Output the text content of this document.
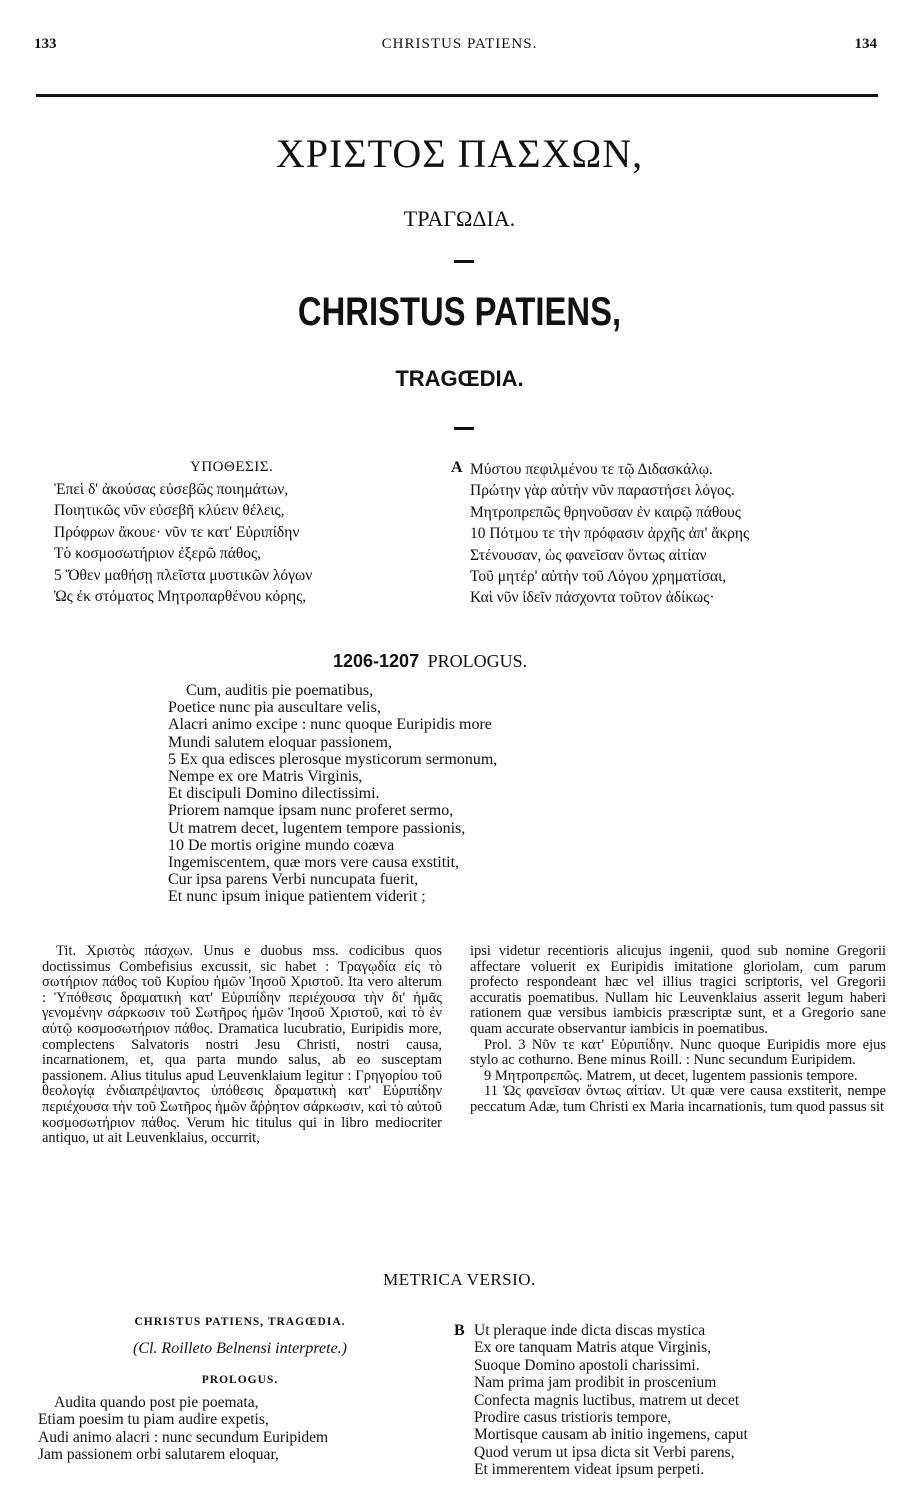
133	CHRISTUS PATIENS.	134
ΧΡΙΣΤΟΣ ΠΑΣΧΩΝ,
ΤΡΑΓΩΔΙΑ.
CHRISTUS PATIENS,
TRAGŒDIA.
ΥΠΟΘΕΣΙΣ.
Ἐπεὶ δ' ἀκούσας εὐσεβῶς ποιημάτων,
Ποιητικῶς νῦν εὐσεβῆ κλύειν θέλεις,
Πρόφρων ἄκουε· νῦν τε κατ' Εὐριπίδην
Τὸ κοσμοσωτήριον ἐξερῶ πάθος,
5 Ὅθεν μαθήσῃ πλεῖστα μυστικῶν λόγων
Ὡς ἐκ στόματος Μητροπαρθένου κόρης,
A Μύστου πεφιλμένου τε τῷ Διδασκάλῳ.
Πρώτην γὰρ αὐτὴν νῦν παραστήσει λόγος.
Μητροπρεπῶς θρηνοῦσαν ἐν καιρῷ πάθους
10 Πότμου τε τὴν πρόφασιν ἀρχῆς ἀπ' ἄκρης
Στένουσαν, ὡς φανεῖσαν ὄντως αἰτίαν
Τοῦ μητέρ' αὐτὴν τοῦ Λόγου χρηματίσαι,
Καὶ νῦν ἰδεῖν πάσχοντα τοῦτον ἀδίκως·
1206-1207 PROLOGUS.
Cum, auditis pie poematibus,
Poetice nunc pia auscultare velis,
Alacri animo excipe : nunc quoque Euripidis more
Mundi salutem eloquar passionem,
5 Ex qua edisces plerosque mysticorum sermonum,
Nempe ex ore Matris Virginis,
Et discipuli Domino dilectissimi.
Priorem namque ipsam nunc proferet sermo,
Ut matrem decet, lugentem tempore passionis,
10 De mortis origine mundo coæva
Ingemiscentem, quæ mors vere causa exstitit,
Cur ipsa parens Verbi nuncupata fuerit,
Et nunc ipsum inique patientem viderit ;

Tit. Χριστὸς πάσχων. Unus e duobus mss. codicibus quos doctissimus Combefisius excussit, sic habet : Τραγῳδία εἰς τὸ σωτήριον πάθος τοῦ Κυρίου ἡμῶν Ἰησοῦ Χριστοῦ. Ita vero alterum : Ὑπόθεσις δραματικὴ κατ' Εὐριπίδην περιέχουσα τὴν δι' ἡμᾶς γενομένην σάρκωσιν τοῦ Σωτῆρος ἡμῶν Ἰησοῦ Χριστοῦ, καὶ τὸ ἐν αὐτῷ κοσμοσωτήριον πάθος. Dramatica lucubratio, Euripidis more, complectens Salvatoris nostri Jesu Christi, nostri causa, incarnationem, et, qua parta mundo salus, ab eo susceptam passionem. Alius titulus apud Leuvenklaium legitur : Γρηγορίου τοῦ θεολογίᾳ ἐνδιαπρέψαντος ὑπόθεσις δραματικὴ κατ' Εὐριπίδην περιέχουσα τὴν τοῦ Σωτῆρος ἡμῶν ἄῤῥητον σάρκωσιν, καὶ τὸ αὐτοῦ κοσμοσωτήριον πάθος. Verum hic titulus qui in libro mediocriter antiquo, ut ait Leuvenklaius, occurrit,

ipsi videtur recentioris alicujus ingenii, quod sub nomine Gregorii affectare voluerit ex Euripidis imitatione gloriolam, cum parum profecto respondeant hæc vel illius tragici scriptoris, vel Gregorii accuratis poematibus. Nullam hic Leuvenklaius asserit legum haberi rationem quæ versibus iambicis præscriptæ sunt, et a Gregorio sane quam accurate observantur iambicis in poematibus.

Prol. 3 Νῦν τε κατ' Εὐριπίδην. Nunc quoque Euripidis more ejus stylo ac cothurno. Bene minus Roill. : Nunc secundum Euripidem.

9 Μητροπρεπῶς. Matrem, ut decet, lugentem passionis tempore.

11 Ὡς φανεῖσαν ὄντως αἰτίαν. Ut quæ vere causa exstiterit, nempe peccatum Adæ, tum Christi ex Maria incarnationis, tum quod passus sit

METRICA VERSIO.
CHRISTUS PATIENS, TRAGŒDIA.
(Cl. Roilleto Belnensi interprete.)
PROLOGUS.
Audita quando post pie poemata,
Etiam poesim tu piam audire expetis,
Audi animo alacri : nunc secundum Euripidem
Jam passionem orbi salutarem eloquar,
B Ut pleraque inde dicta discas mystica
Ex ore tanquam Matris atque Virginis,
Suoque Domino apostoli charissimi.
Nam prima jam prodibit in proscenium
Confecta magnis luctibus, matrem ut decet
Prodire casus tristioris tempore,
Mortisque causam ab initio ingemens, caput
Quod verum ut ipsa dicta sit Verbi parens,
Et immerentem videat ipsum perpeti.
